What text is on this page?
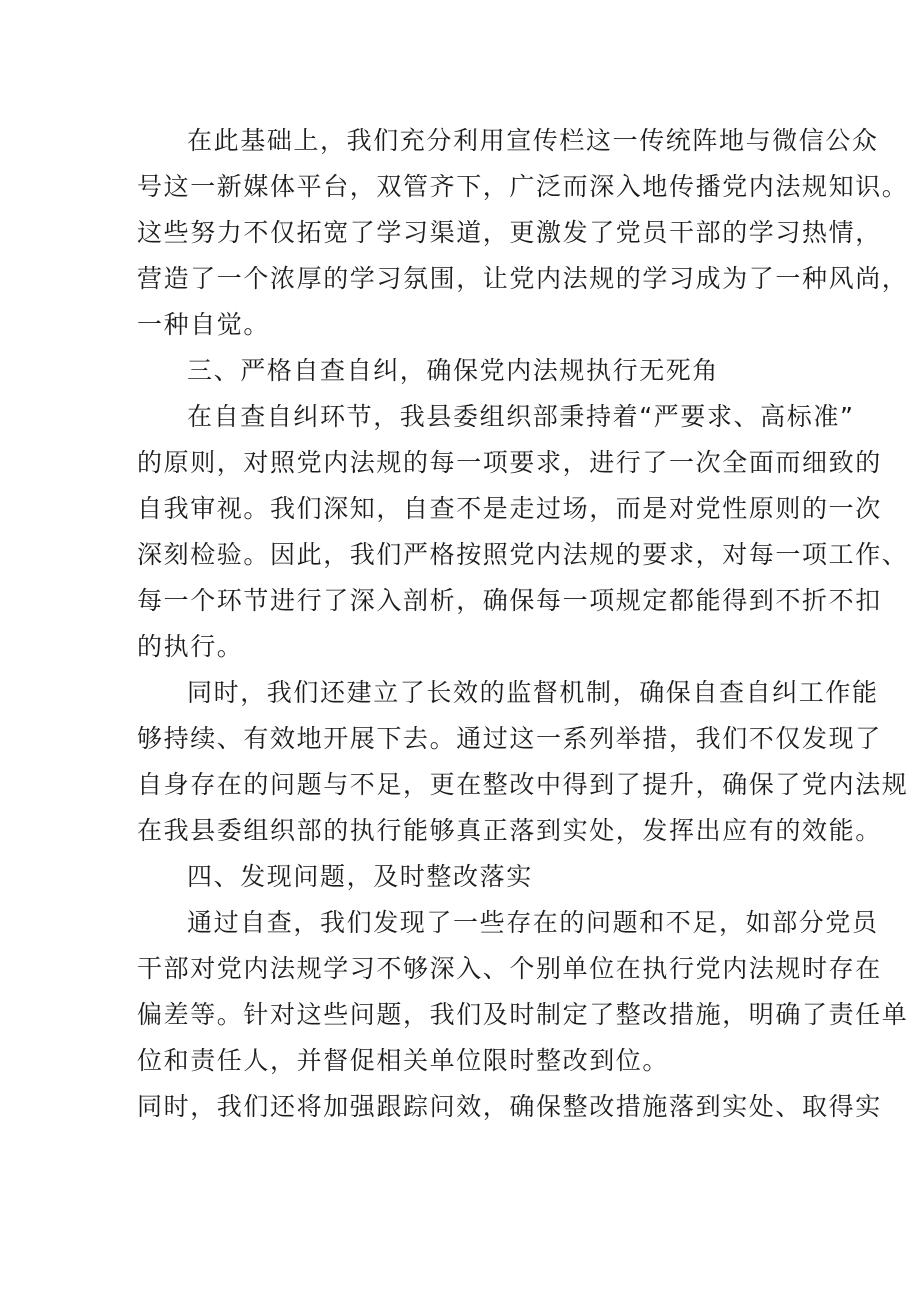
在此基础上，我们充分利用宣传栏这一传统阵地与微信公众
号这一新媒体平台，双管齐下，广泛而深入地传播党内法规知识。
这些努力不仅拓宽了学习渠道，更激发了党员干部的学习热情，
营造了一个浓厚的学习氛围，让党内法规的学习成为了一种风尚，
一种自觉。
三、严格自查自纠，确保党内法规执行无死角
在自查自纠环节，我县委组织部秉持着“严要求、高标准”
的原则，对照党内法规的每一项要求，进行了一次全面而细致的
自我审视。我们深知，自查不是走过场，而是对党性原则的一次
深刻检验。因此，我们严格按照党内法规的要求，对每一项工作、
每一个环节进行了深入剖析，确保每一项规定都能得到不折不扣
的执行。
同时，我们还建立了长效的监督机制，确保自查自纠工作能
够持续、有效地开展下去。通过这一系列举措，我们不仅发现了
自身存在的问题与不足，更在整改中得到了提升，确保了党内法规
在我县委组织部的执行能够真正落到实处，发挥出应有的效能。
四、发现问题，及时整改落实
通过自查，我们发现了一些存在的问题和不足，如部分党员
干部对党内法规学习不够深入、个别单位在执行党内法规时存在
偏差等。针对这些问题，我们及时制定了整改措施，明确了责任单
位和责任人，并督促相关单位限时整改到位。
同时，我们还将加强跟踪问效，确保整改措施落到实处、取得实
